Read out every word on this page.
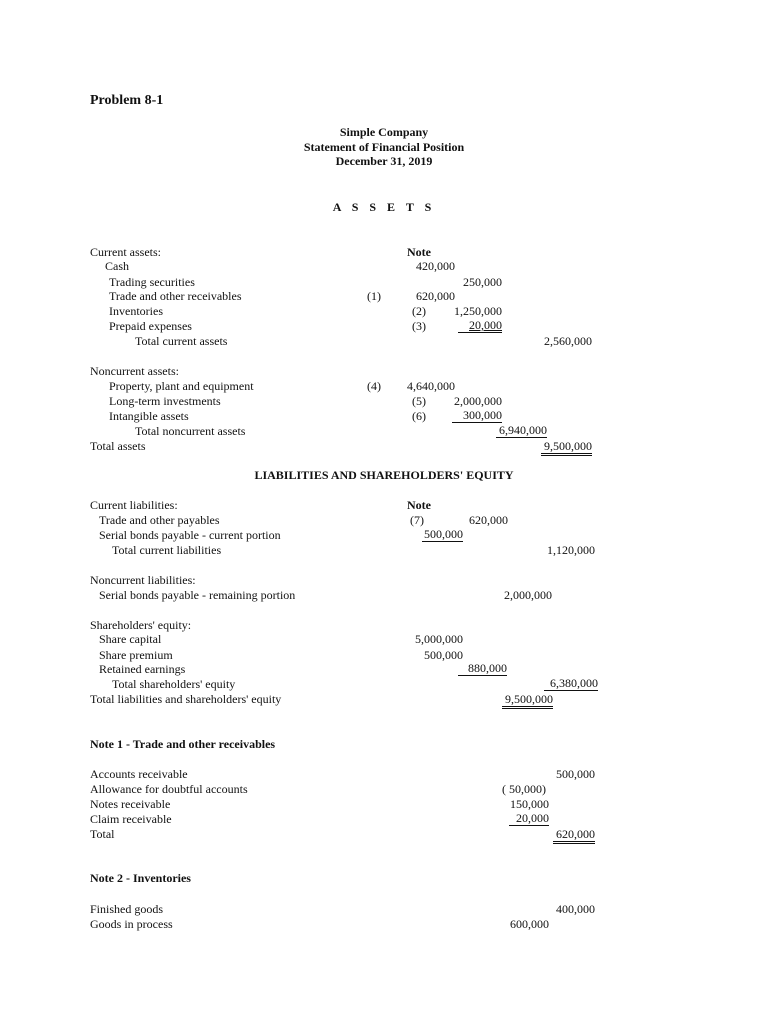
Problem 8-1
Simple Company
Statement of Financial Position
December 31, 2019
A S S E T S
Current assets:	Note
Cash	420,000
Trading securities	250,000
Trade and other receivables	(1)	620,000
Inventories	(2)	1,250,000
Prepaid expenses	(3)	20,000
Total current assets	2,560,000
Noncurrent assets:
Property, plant and equipment	(4)	4,640,000
Long-term investments	(5)	2,000,000
Intangible assets	(6)	300,000
Total noncurrent assets	6,940,000
Total assets	9,500,000
LIABILITIES AND SHAREHOLDERS' EQUITY
Current liabilities:	Note
Trade and other payables	(7)	620,000
Serial bonds payable - current portion	500,000
Total current liabilities	1,120,000
Noncurrent liabilities:
Serial bonds payable - remaining portion	2,000,000
Shareholders' equity:
Share capital	5,000,000
Share premium	500,000
Retained earnings	880,000
Total shareholders' equity	6,380,000
Total liabilities and shareholders' equity	9,500,000
Note 1 - Trade and other receivables
Accounts receivable	500,000
Allowance for doubtful accounts	( 50,000)
Notes receivable	150,000
Claim receivable	20,000
Total	620,000
Note 2 - Inventories
Finished goods	400,000
Goods in process	600,000
